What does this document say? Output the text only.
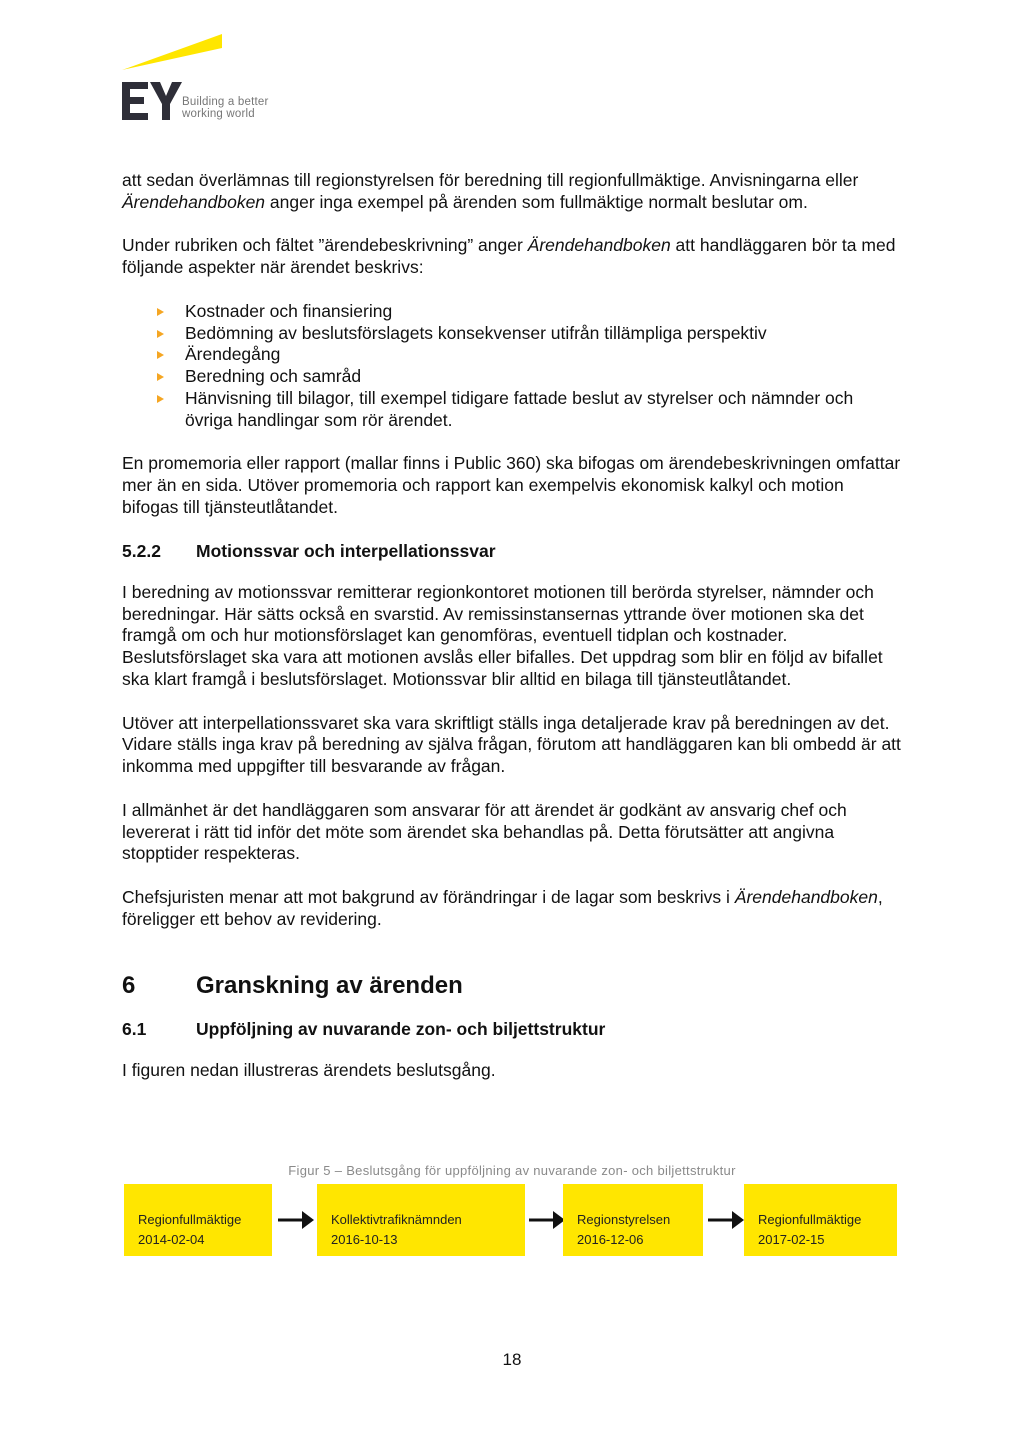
Building a better
working world

att sedan överlämnas till regionstyrelsen för beredning till regionfullmäktige. Anvisningarna eller Ärendehandboken anger inga exempel på ärenden som fullmäktige normalt beslutar om.

Under rubriken och fältet ”ärendebeskrivning” anger Ärendehandboken att handläggaren bör ta med följande aspekter när ärendet beskrivs:

Kostnader och finansiering
Bedömning av beslutsförslagets konsekvenser utifrån tillämpliga perspektiv
Ärendegång
Beredning och samråd
Hänvisning till bilagor, till exempel tidigare fattade beslut av styrelser och nämnder och övriga handlingar som rör ärendet.

En promemoria eller rapport (mallar finns i Public 360) ska bifogas om ärendebeskrivningen omfattar mer än en sida. Utöver promemoria och rapport kan exempelvis ekonomisk kalkyl och motion bifogas till tjänsteutlåtandet.

5.2.2	Motionssvar och interpellationssvar

I beredning av motionssvar remitterar regionkontoret motionen till berörda styrelser, nämnder och beredningar. Här sätts också en svarstid. Av remissinstansernas yttrande över motionen ska det framgå om och hur motionsförslaget kan genomföras, eventuell tidplan och kostnader. Beslutsförslaget ska vara att motionen avslås eller bifalles. Det uppdrag som blir en följd av bifallet ska klart framgå i beslutsförslaget. Motionssvar blir alltid en bilaga till tjänsteutlåtandet.

Utöver att interpellationssvaret ska vara skriftligt ställs inga detaljerade krav på beredningen av det. Vidare ställs inga krav på beredning av själva frågan, förutom att handläggaren kan bli ombedd är att inkomma med uppgifter till besvarande av frågan.

I allmänhet är det handläggaren som ansvarar för att ärendet är godkänt av ansvarig chef och levererat i rätt tid inför det möte som ärendet ska behandlas på. Detta förutsätter att angivna stopptider respekteras.

Chefsjuristen menar att mot bakgrund av förändringar i de lagar som beskrivs i Ärendehandboken, föreligger ett behov av revidering.

6	Granskning av ärenden
6.1	Uppföljning av nuvarande zon- och biljettstruktur

I figuren nedan illustreras ärendets beslutsgång.

Figur 5 – Beslutsgång för uppföljning av nuvarande zon- och biljettstruktur
Regionfullmäktige
2014-02-04
Kollektivtrafiknämnden
2016-10-13
Regionstyrelsen
2016-12-06
Regionfullmäktige
2017-02-15
18
